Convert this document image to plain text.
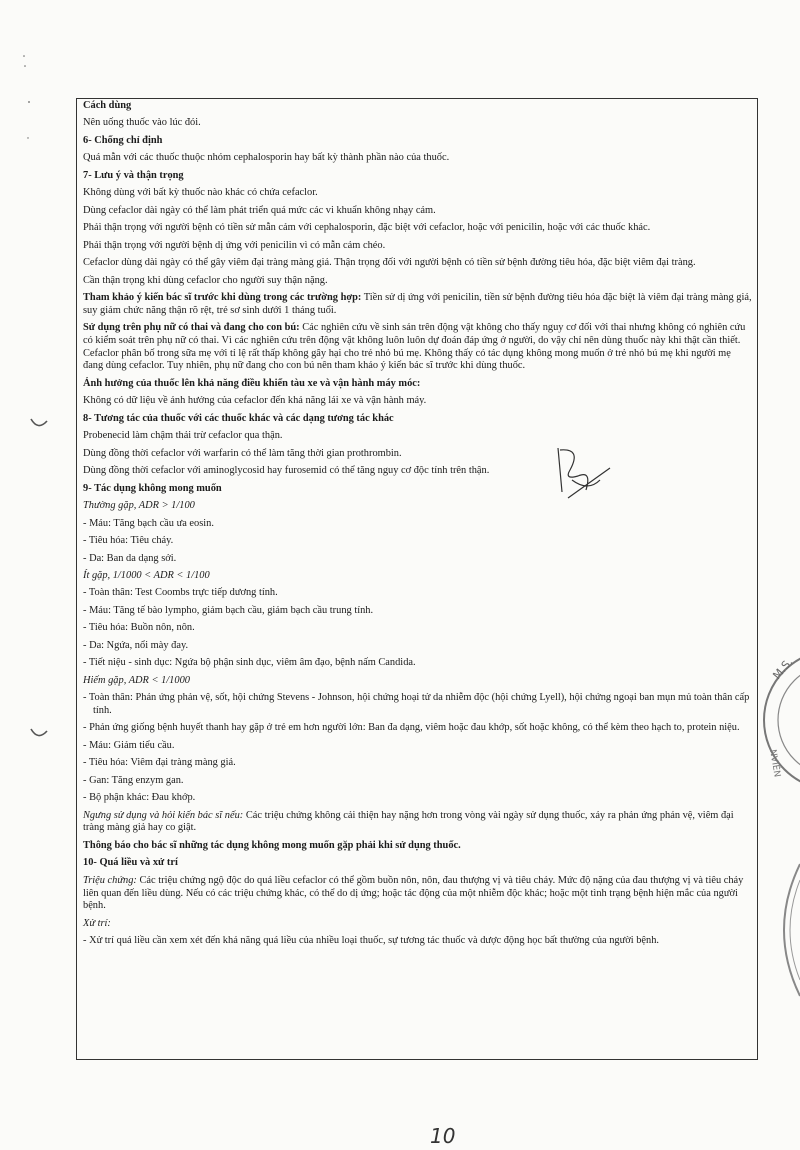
Cách dùng
Nên uống thuốc vào lúc đói.
6- Chống chỉ định
Quá mẫn với các thuốc thuộc nhóm cephalosporin hay bất kỳ thành phần nào của thuốc.
7- Lưu ý và thận trọng
Không dùng với bất kỳ thuốc nào khác có chứa cefaclor.
Dùng cefaclor dài ngày có thể làm phát triển quá mức các vi khuẩn không nhạy cảm.
Phải thận trọng với người bệnh có tiền sử mẫn cảm với cephalosporin, đặc biệt với cefaclor, hoặc với penicilin, hoặc với các thuốc khác.
Phải thận trọng với người bệnh dị ứng với penicilin vì có mẫn cảm chéo.
Cefaclor dùng dài ngày có thể gây viêm đại tràng màng giả. Thận trọng đối với người bệnh có tiền sử bệnh đường tiêu hóa, đặc biệt viêm đại tràng.
Cần thận trọng khi dùng cefaclor cho người suy thận nặng.
Tham khảo ý kiến bác sĩ trước khi dùng trong các trường hợp: Tiền sử dị ứng với penicilin, tiền sử bệnh đường tiêu hóa đặc biệt là viêm đại tràng màng giả, suy giảm chức năng thận rõ rệt, trẻ sơ sinh dưới 1 tháng tuổi.
Sử dụng trên phụ nữ có thai và đang cho con bú: Các nghiên cứu về sinh sản trên động vật không cho thấy nguy cơ đối với thai nhưng không có nghiên cứu có kiểm soát trên phụ nữ có thai. Vì các nghiên cứu trên động vật không luôn luôn dự đoán đáp ứng ở người, do vậy chỉ nên dùng thuốc này khi thật cần thiết. Cefaclor phân bố trong sữa mẹ với tỉ lệ rất thấp không gây hại cho trẻ nhỏ bú mẹ. Không thấy có tác dụng không mong muốn ở trẻ nhỏ bú mẹ khi người mẹ đang dùng cefaclor. Tuy nhiên, phụ nữ đang cho con bú nên tham khảo ý kiến bác sĩ trước khi dùng thuốc.
Ảnh hưởng của thuốc lên khả năng điều khiển tàu xe và vận hành máy móc:
Không có dữ liệu về ảnh hưởng của cefaclor đến khả năng lái xe và vận hành máy.
8- Tương tác của thuốc với các thuốc khác và các dạng tương tác khác
Probenecid làm chậm thải trừ cefaclor qua thận.
Dùng đồng thời cefaclor với warfarin có thể làm tăng thời gian prothrombin.
Dùng đồng thời cefaclor với aminoglycosid hay furosemid có thể tăng nguy cơ độc tính trên thận.
9- Tác dụng không mong muốn
Thường gặp, ADR > 1/100
- Máu: Tăng bạch cầu ưa eosin.
- Tiêu hóa: Tiêu chảy.
- Da: Ban da dạng sởi.
Ít gặp, 1/1000 < ADR < 1/100
- Toàn thân: Test Coombs trực tiếp dương tính.
- Máu: Tăng tế bào lympho, giảm bạch cầu, giảm bạch cầu trung tính.
- Tiêu hóa: Buồn nôn, nôn.
- Da: Ngứa, nổi mày đay.
- Tiết niệu - sinh dục: Ngứa bộ phận sinh dục, viêm âm đạo, bệnh nấm Candida.
Hiếm gặp, ADR < 1/1000
- Toàn thân: Phản ứng phản vệ, sốt, hội chứng Stevens - Johnson, hội chứng hoại tử da nhiễm độc (hội chứng Lyell), hội chứng ngoại ban mụn mủ toàn thân cấp tính.
- Phản ứng giống bệnh huyết thanh hay gặp ở trẻ em hơn người lớn: Ban đa dạng, viêm hoặc đau khớp, sốt hoặc không, có thể kèm theo hạch to, protein niệu.
- Máu: Giảm tiểu cầu.
- Tiêu hóa: Viêm đại tràng màng giả.
- Gan: Tăng enzym gan.
- Bộ phận khác: Đau khớp.
Ngưng sử dụng và hỏi kiến bác sĩ nếu: Các triệu chứng không cải thiện hay nặng hơn trong vòng vài ngày sử dụng thuốc, xảy ra phản ứng phản vệ, viêm đại tràng màng giả hay co giật.
Thông báo cho bác sĩ những tác dụng không mong muốn gặp phải khi sử dụng thuốc.
10- Quá liều và xử trí
Triệu chứng: Các triệu chứng ngộ độc do quá liều cefaclor có thể gồm buồn nôn, nôn, đau thượng vị và tiêu chảy. Mức độ nặng của đau thượng vị và tiêu chảy liên quan đến liều dùng. Nếu có các triệu chứng khác, có thể do dị ứng; hoặc tác động của một nhiễm độc khác; hoặc một tình trạng bệnh hiện mắc của người bệnh.
Xử trí:
- Xử trí quá liều cần xem xét đến khả năng quá liều của nhiều loại thuốc, sự tương tác thuốc và dược động học bất thường của người bệnh.
10
M.S.
NVIÊN
